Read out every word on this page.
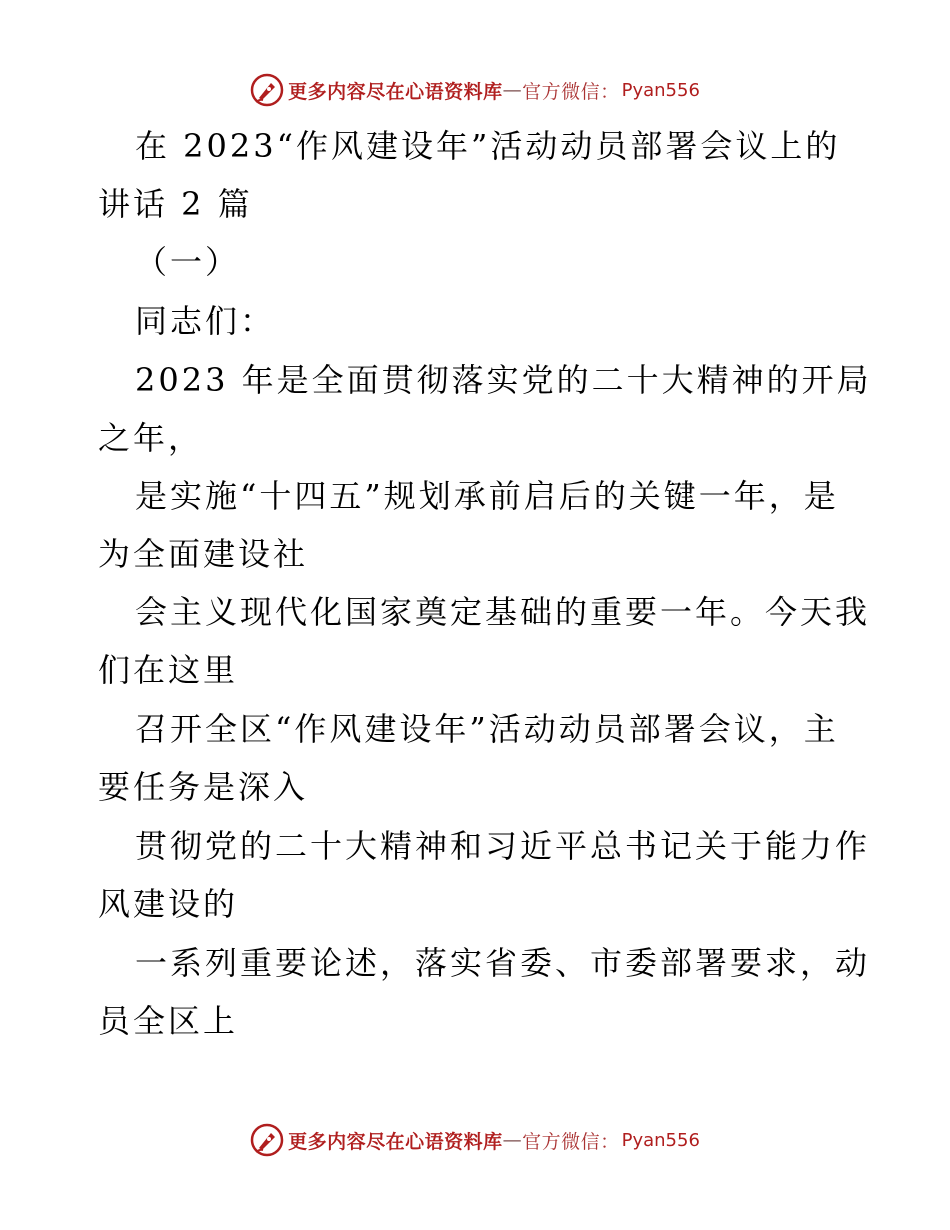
更多内容尽在心语资料库 — 官方微信： Pyan556
在 2023“作风建设年”活动动员部署会议上的
讲话 2 篇
（一）
同志们：
2023 年是全面贯彻落实党的二十大精神的开局
之年，
是实施“十四五”规划承前启后的关键一年，是
为全面建设社
会主义现代化国家奠定基础的重要一年。今天我
们在这里
召开全区“作风建设年”活动动员部署会议，主
要任务是深入
贯彻党的二十大精神和习近平总书记关于能力作
风建设的
一系列重要论述，落实省委、市委部署要求，动
员全区上
更多内容尽在心语资料库 — 官方微信： Pyan556
